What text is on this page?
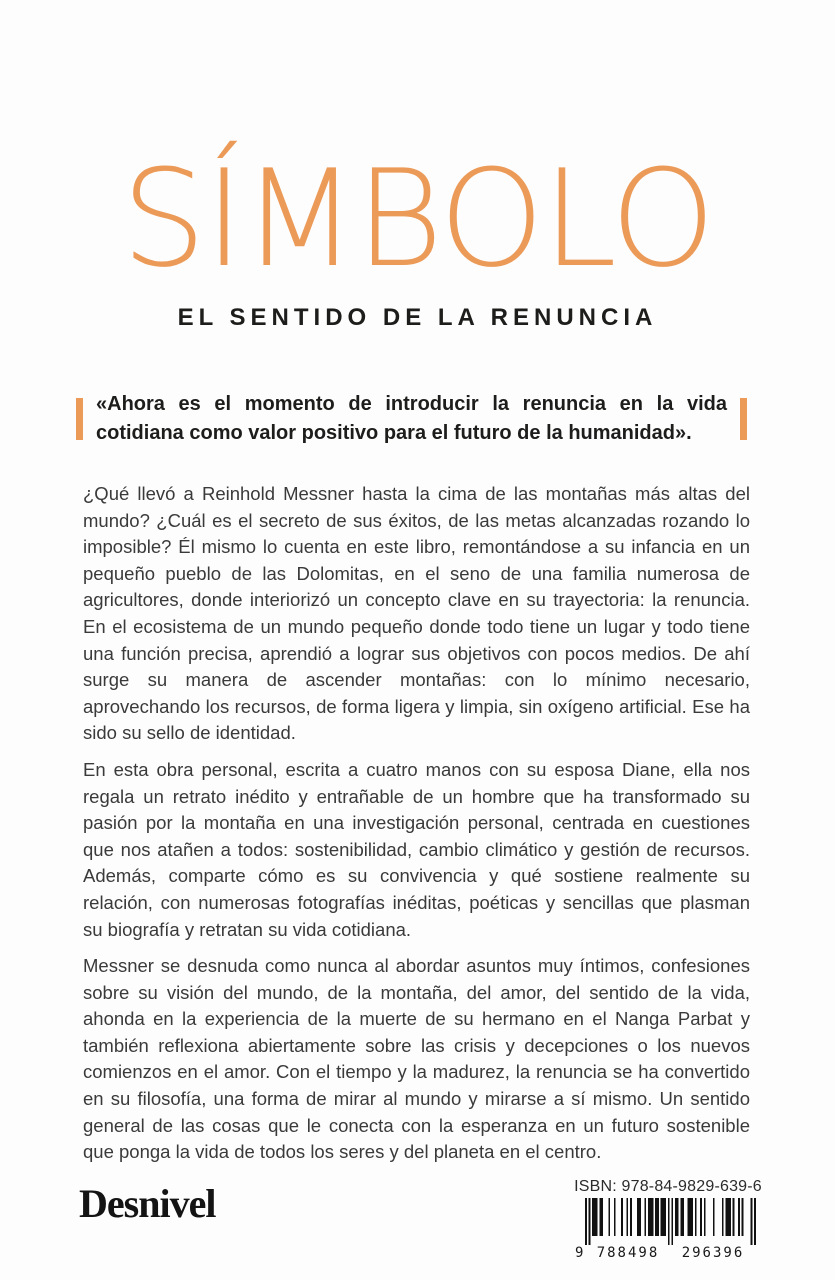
SÍMBOLO
EL SENTIDO DE LA RENUNCIA

«Ahora es el momento de introducir la renuncia en la vida cotidiana como valor positivo para el futuro de la humanidad».

¿Qué llevó a Reinhold Messner hasta la cima de las montañas más altas del mundo? ¿Cuál es el secreto de sus éxitos, de las metas alcanzadas rozando lo imposible? Él mismo lo cuenta en este libro, remontándose a su infancia en un pequeño pueblo de las Dolomitas, en el seno de una familia numerosa de agricultores, donde interiorizó un concepto clave en su trayectoria: la renuncia. En el ecosistema de un mundo pequeño donde todo tiene un lugar y todo tiene una función precisa, aprendió a lograr sus objetivos con pocos medios. De ahí surge su manera de ascender montañas: con lo mínimo necesario, aprovechando los recursos, de forma ligera y limpia, sin oxígeno artificial. Ese ha sido su sello de identidad.

En esta obra personal, escrita a cuatro manos con su esposa Diane, ella nos regala un retrato inédito y entrañable de un hombre que ha transformado su pasión por la montaña en una investigación personal, centrada en cuestiones que nos atañen a todos: sostenibilidad, cambio climático y gestión de recursos. Además, comparte cómo es su convivencia y qué sostiene realmente su relación, con numerosas fotografías inéditas, poéticas y sencillas que plasman su biografía y retratan su vida cotidiana.

Messner se desnuda como nunca al abordar asuntos muy íntimos, confesiones sobre su visión del mundo, de la montaña, del amor, del sentido de la vida, ahonda en la experiencia de la muerte de su hermano en el Nanga Parbat y también reflexiona abiertamente sobre las crisis y decepciones o los nuevos comienzos en el amor. Con el tiempo y la madurez, la renuncia se ha convertido en su filosofía, una forma de mirar al mundo y mirarse a sí mismo. Un sentido general de las cosas que le conecta con la esperanza en un futuro sostenible que ponga la vida de todos los seres y del planeta en el centro.

Desnivel	ISBN: 978-84-9829-639-6
9 788498 296396
